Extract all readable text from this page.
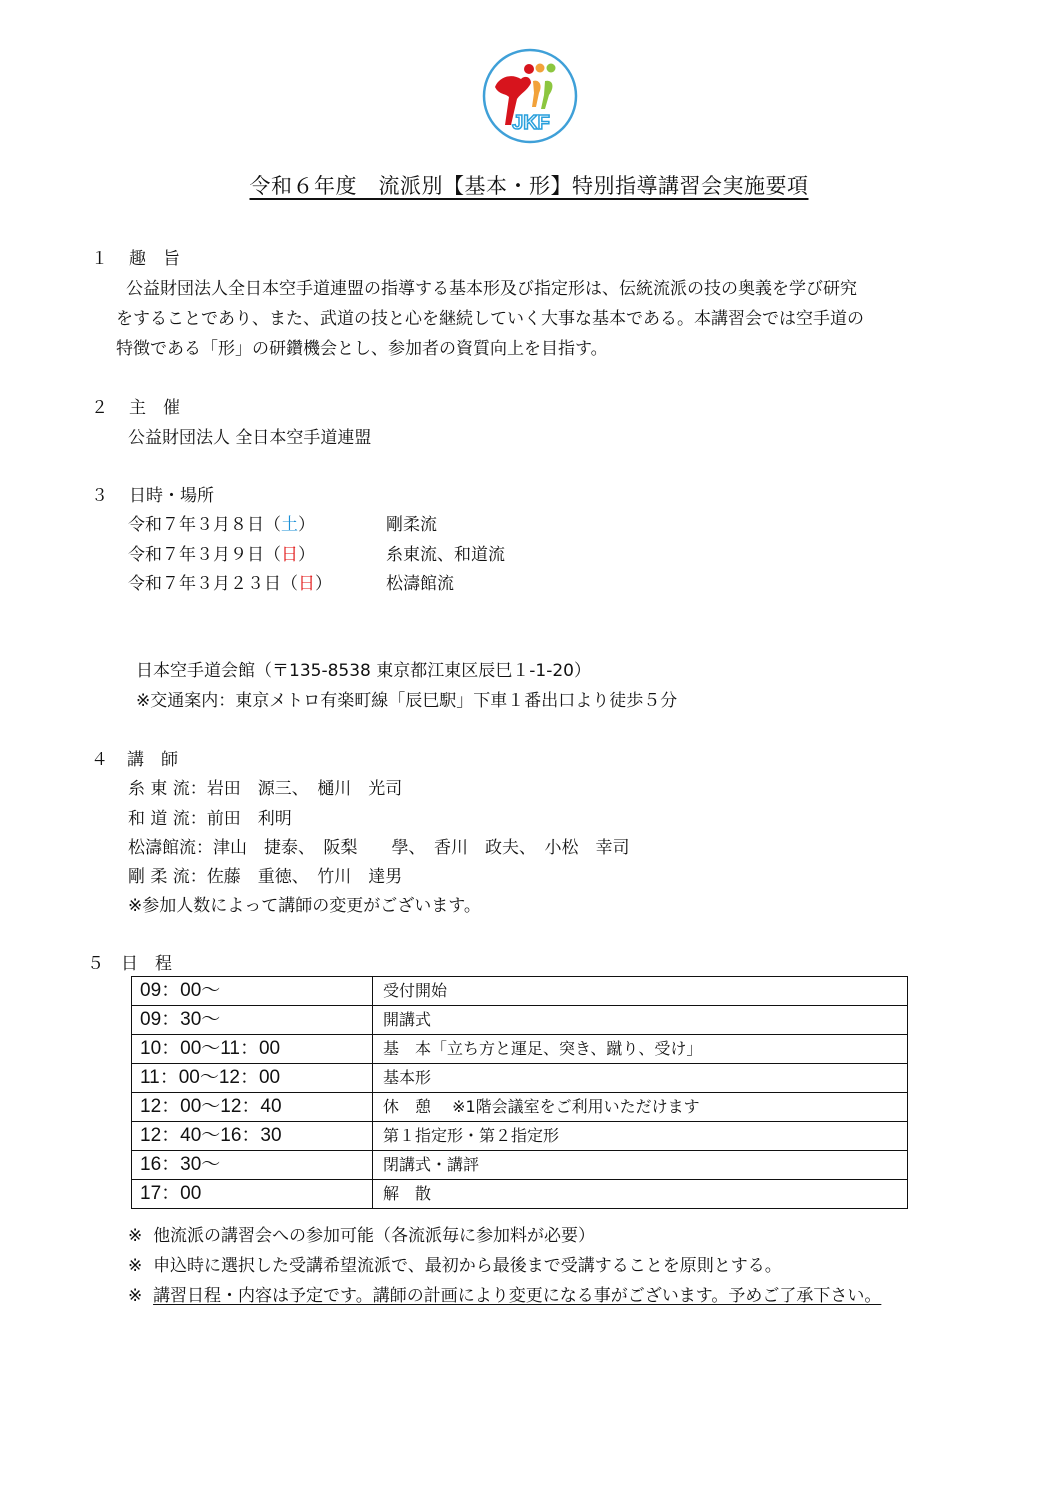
JKF
令和６年度　流派別【基本・形】特別指導講習会実施要項
１ 趣　旨
公益財団法人全日本空手道連盟の指導する基本形及び指定形は、伝統流派の技の奥義を学び研究
をすることであり、また、武道の技と心を継続していく大事な基本である。本講習会では空手道の
特徴である「形」の研鑽機会とし、参加者の資質向上を目指す。
２ 主　催
公益財団法人 全日本空手道連盟
３ 日時・場所
令和７年３月８日（土）	剛柔流
令和７年３月９日（日）	糸東流、和道流
令和７年３月２３日（日）	松濤館流
日本空手道会館（〒135-8538 東京都江東区辰巳１-1-20）
※交通案内：東京メトロ有楽町線「辰巳駅」下車１番出口より徒歩５分
４ 講　師
糸 東 流：岩田　源三、　樋川　光司
和 道 流：前田　利明
松濤館流：津山　捷泰、　阪梨　　學、　香川　政夫、　小松　幸司
剛 柔 流：佐藤　重徳、　竹川　達男
※参加人数によって講師の変更がございます。
５ 日　程
09：00～	受付開始
09：30～	開講式
10：00～11：00	基　本「立ち方と運足、突き、蹴り、受け」
11：00～12：00	基本形
12：00～12：40	休　憩　 ※1階会議室をご利用いただけます
12：40～16：30	第１指定形・第２指定形
16：30～	閉講式・講評
17：00	解　散
※ 他流派の講習会への参加可能（各流派毎に参加料が必要）
※ 申込時に選択した受講希望流派で、最初から最後まで受講することを原則とする。
※ 講習日程・内容は予定です。講師の計画により変更になる事がございます。予めご了承下さい。
